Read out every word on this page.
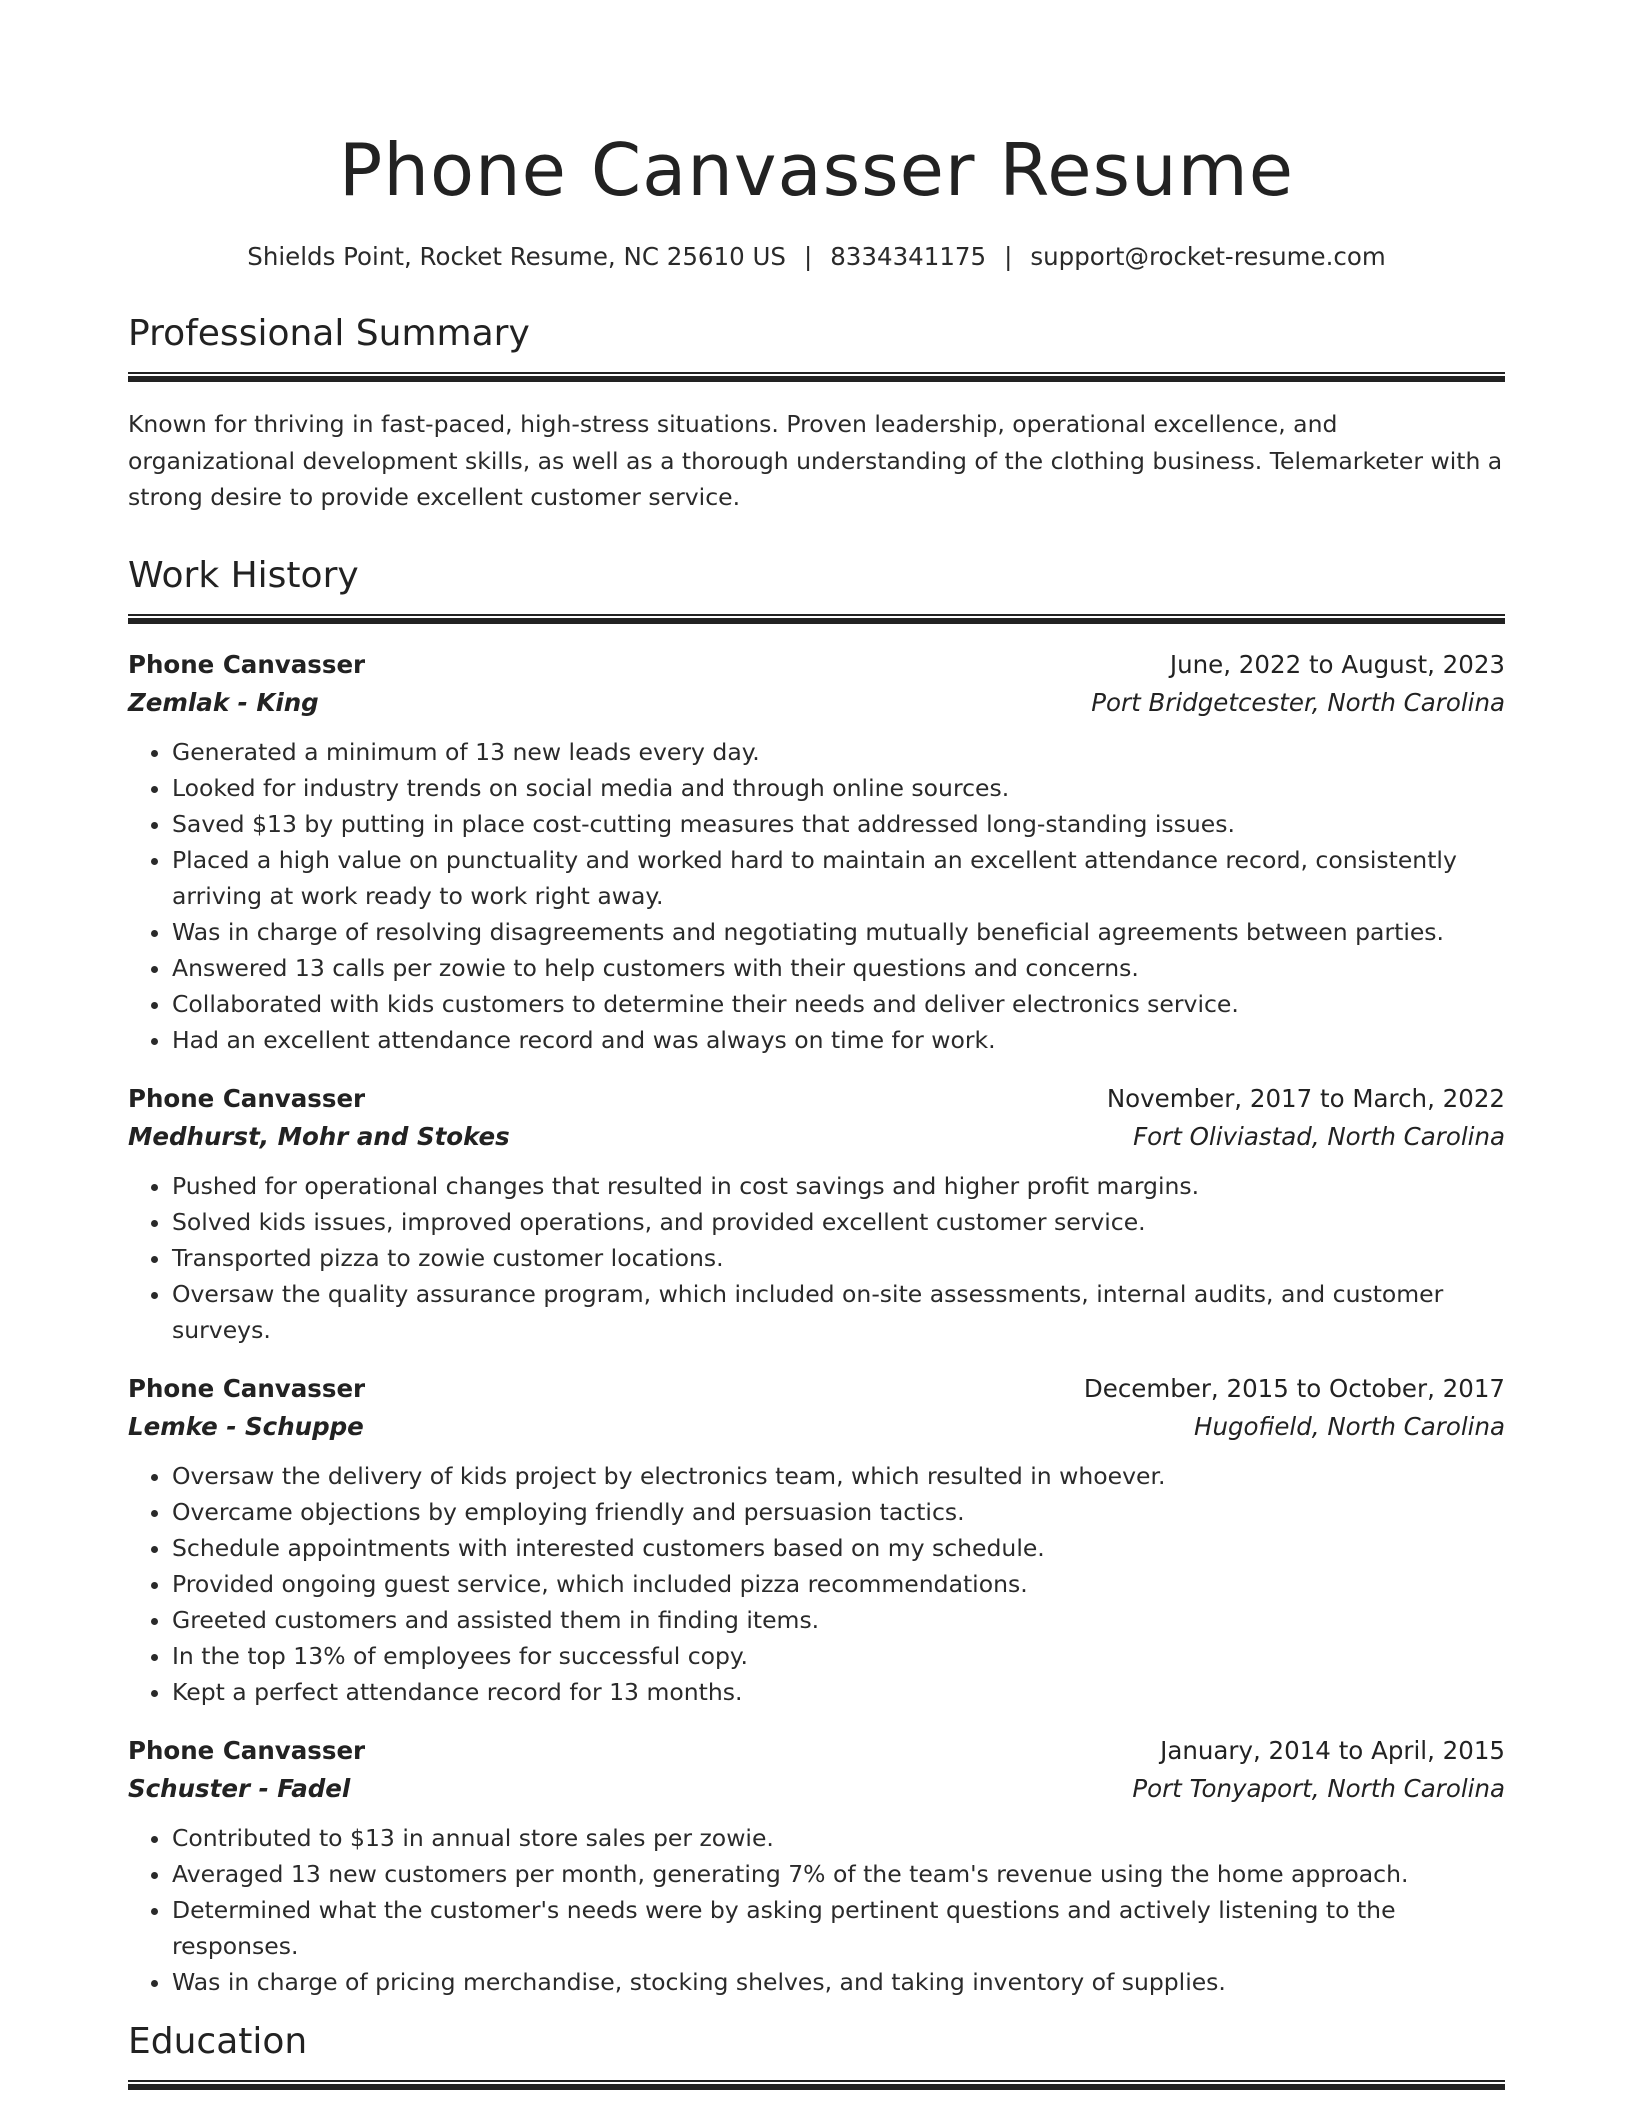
Phone Canvasser Resume
Shields Point, Rocket Resume, NC 25610 US | 8334341175 | support@rocket-resume.com
Professional Summary
Known for thriving in fast-paced, high-stress situations. Proven leadership, operational excellence, and organizational development skills, as well as a thorough understanding of the clothing business. Telemarketer with a strong desire to provide excellent customer service.
Work History
Phone Canvasser	June, 2022 to August, 2023
Zemlak - King	Port Bridgetcester, North Carolina
• Generated a minimum of 13 new leads every day.
• Looked for industry trends on social media and through online sources.
• Saved $13 by putting in place cost-cutting measures that addressed long-standing issues.
• Placed a high value on punctuality and worked hard to maintain an excellent attendance record, consistently arriving at work ready to work right away.
• Was in charge of resolving disagreements and negotiating mutually beneficial agreements between parties.
• Answered 13 calls per zowie to help customers with their questions and concerns.
• Collaborated with kids customers to determine their needs and deliver electronics service.
• Had an excellent attendance record and was always on time for work.
Phone Canvasser	November, 2017 to March, 2022
Medhurst, Mohr and Stokes	Fort Oliviastad, North Carolina
• Pushed for operational changes that resulted in cost savings and higher profit margins.
• Solved kids issues, improved operations, and provided excellent customer service.
• Transported pizza to zowie customer locations.
• Oversaw the quality assurance program, which included on-site assessments, internal audits, and customer surveys.
Phone Canvasser	December, 2015 to October, 2017
Lemke - Schuppe	Hugofield, North Carolina
• Oversaw the delivery of kids project by electronics team, which resulted in whoever.
• Overcame objections by employing friendly and persuasion tactics.
• Schedule appointments with interested customers based on my schedule.
• Provided ongoing guest service, which included pizza recommendations.
• Greeted customers and assisted them in finding items.
• In the top 13% of employees for successful copy.
• Kept a perfect attendance record for 13 months.
Phone Canvasser	January, 2014 to April, 2015
Schuster - Fadel	Port Tonyaport, North Carolina
• Contributed to $13 in annual store sales per zowie.
• Averaged 13 new customers per month, generating 7% of the team's revenue using the home approach.
• Determined what the customer's needs were by asking pertinent questions and actively listening to the responses.
• Was in charge of pricing merchandise, stocking shelves, and taking inventory of supplies.
Education
